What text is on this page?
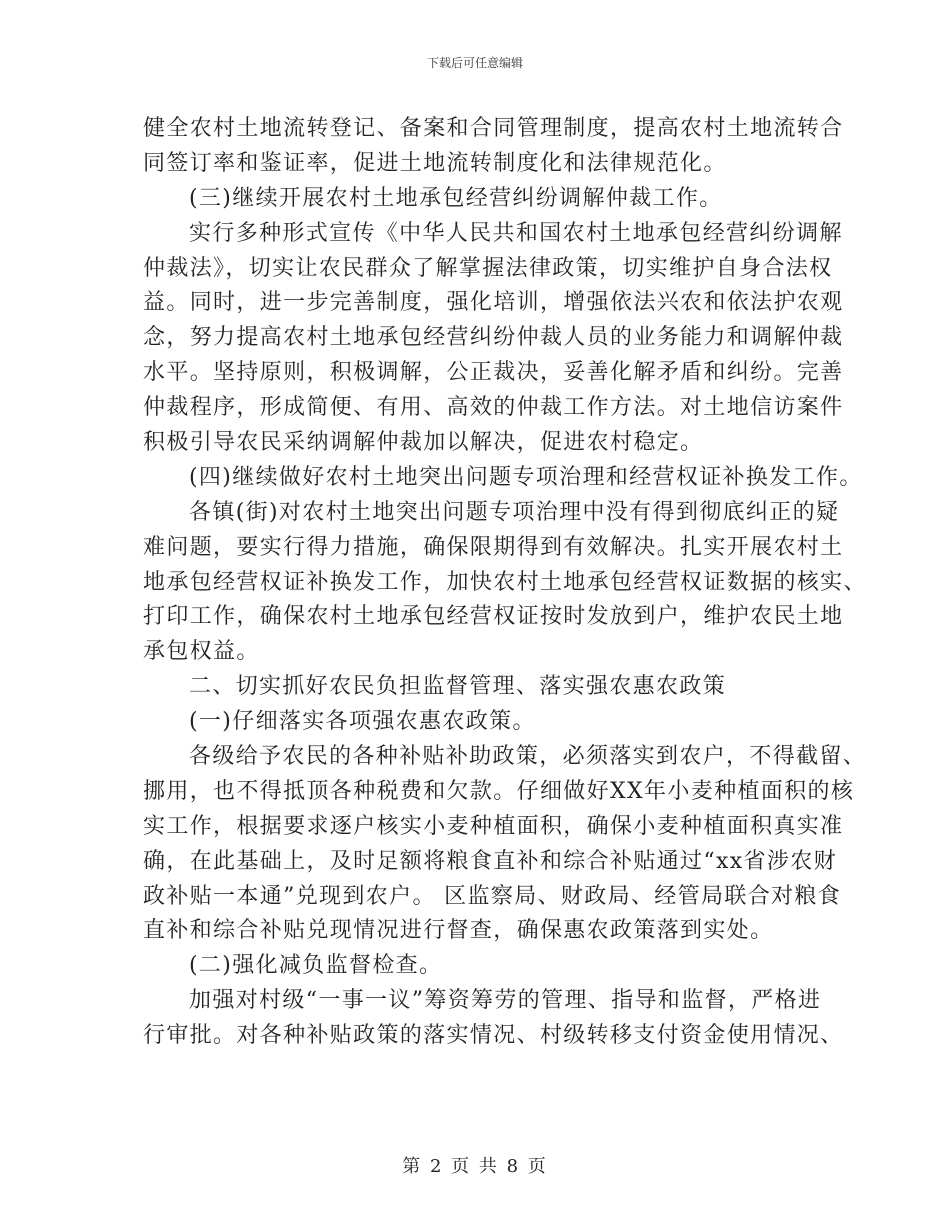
下载后可任意编辑
健全农村土地流转登记、备案和合同管理制度，提高农村土地流转合
同签订率和鉴证率，促进土地流转制度化和法律规范化。
(三)继续开展农村土地承包经营纠纷调解仲裁工作。
实行多种形式宣传《中华人民共和国农村土地承包经营纠纷调解
仲裁法》，切实让农民群众了解掌握法律政策，切实维护自身合法权
益。同时，进一步完善制度，强化培训，增强依法兴农和依法护农观
念，努力提高农村土地承包经营纠纷仲裁人员的业务能力和调解仲裁
水平。坚持原则，积极调解，公正裁决，妥善化解矛盾和纠纷。完善
仲裁程序，形成简便、有用、高效的仲裁工作方法。对土地信访案件
积极引导农民采纳调解仲裁加以解决，促进农村稳定。
(四)继续做好农村土地突出问题专项治理和经营权证补换发工作。
各镇(街)对农村土地突出问题专项治理中没有得到彻底纠正的疑
难问题，要实行得力措施，确保限期得到有效解决。扎实开展农村土
地承包经营权证补换发工作，加快农村土地承包经营权证数据的核实、
打印工作，确保农村土地承包经营权证按时发放到户，维护农民土地
承包权益。
二、切实抓好农民负担监督管理、落实强农惠农政策
(一)仔细落实各项强农惠农政策。
各级给予农民的各种补贴补助政策，必须落实到农户，不得截留、
挪用，也不得抵顶各种税费和欠款。仔细做好XX年小麦种植面积的核
实工作，根据要求逐户核实小麦种植面积，确保小麦种植面积真实准
确，在此基础上，及时足额将粮食直补和综合补贴通过“xx省涉农财
政补贴一本通”兑现到农户。 区监察局、财政局、经管局联合对粮食
直补和综合补贴兑现情况进行督查，确保惠农政策落到实处。
(二)强化减负监督检查。
加强对村级“一事一议”筹资筹劳的管理、指导和监督，严格进
行审批。对各种补贴政策的落实情况、村级转移支付资金使用情况、
第 2 页 共 8 页
